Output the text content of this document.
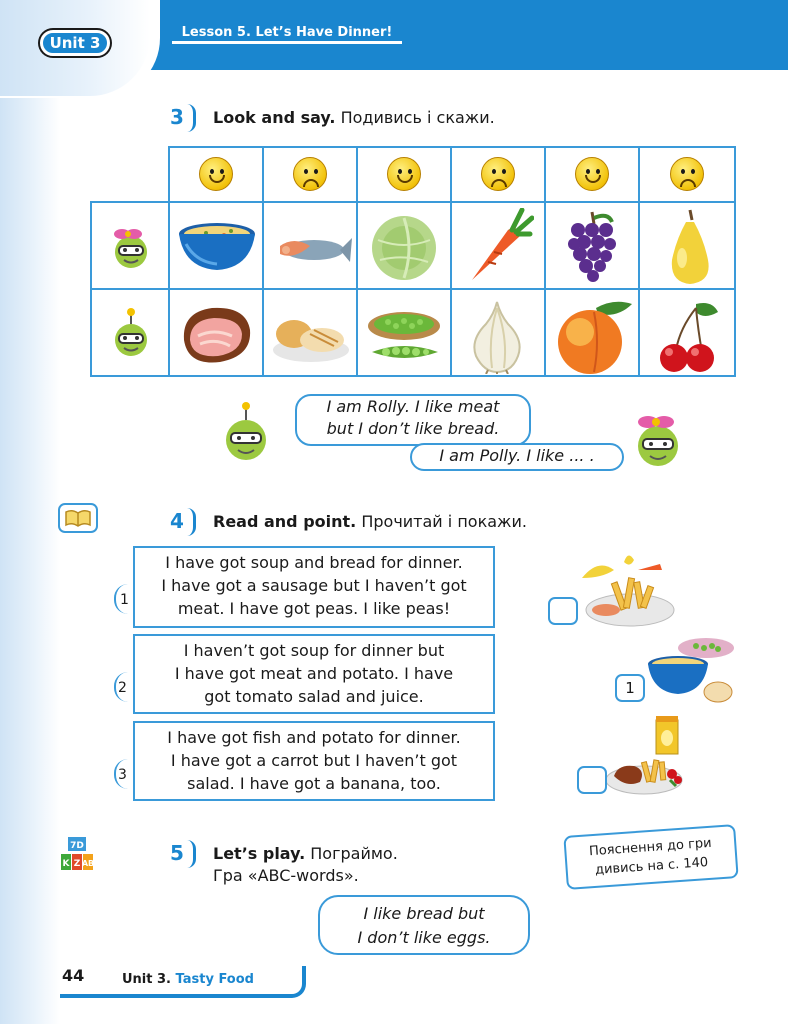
Unit 3
Lesson 5. Let’s Have Dinner!
3	Look and say. Подивись і скажи.
I am Rolly. I like meat
but I don’t like bread.
I am Polly. I like ... .
4	Read and point. Прочитай і покажи.
I have got soup and bread for dinner.
I have got a sausage but I haven’t got
meat. I have got peas. I like peas!
1
I haven’t got soup for dinner but
I have got meat and potato. I have
got tomato salad and juice.
2
I have got fish and potato for dinner.
I have got a carrot but I haven’t got
salad. I have got a banana, too.
3
1
7D
K Z AB	5	Let’s play. Пограймо.
Гра «ABC-words».
Пояснення до гри
дивись на с. 140
I like bread but
I don’t like eggs.
44	Unit 3. Tasty Food
